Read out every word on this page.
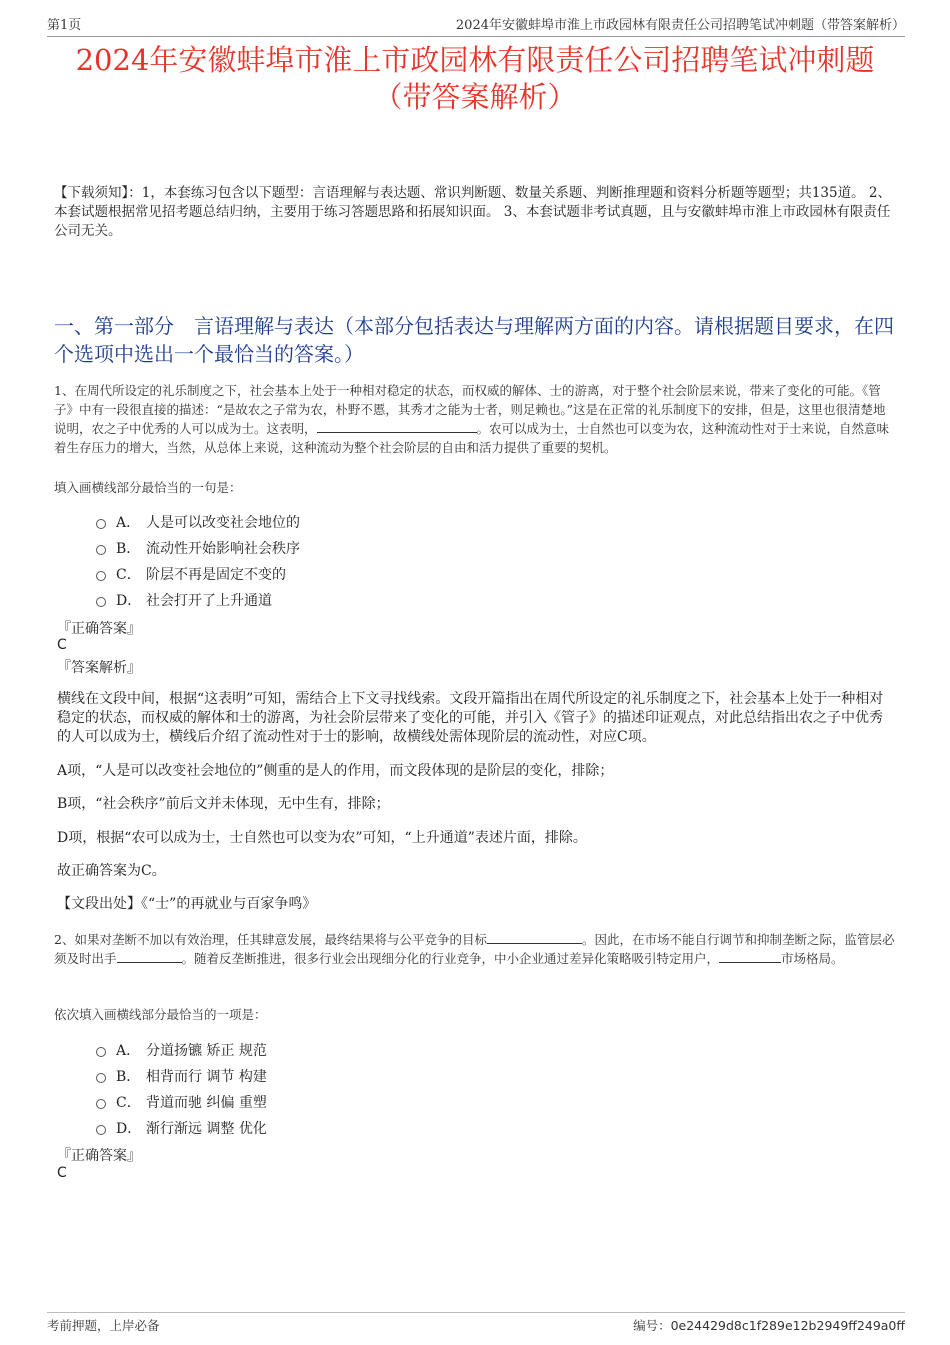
第1页	2024年安徽蚌埠市淮上市政园林有限责任公司招聘笔试冲刺题（带答案解析）
2024年安徽蚌埠市淮上市政园林有限责任公司招聘笔试冲刺题
（带答案解析）
【下载须知】：1，本套练习包含以下题型：言语理解与表达题、常识判断题、数量关系题、判断推理题和资料分析题等题型；共135道。 2、本套试题根据常见招考题总结归纳，主要用于练习答题思路和拓展知识面。 3、本套试题非考试真题，且与安徽蚌埠市淮上市政园林有限责任公司无关。
一、第一部分　言语理解与表达（本部分包括表达与理解两方面的内容。请根据题目要求，在四个选项中选出一个最恰当的答案。）
1、在周代所设定的礼乐制度之下，社会基本上处于一种相对稳定的状态，而权威的解体、士的游离，对于整个社会阶层来说，带来了变化的可能。《管子》中有一段很直接的描述：“是故农之子常为农，朴野不慝，其秀才之能为士者，则足赖也。”这是在正常的礼乐制度下的安排，但是，这里也很清楚地说明，农之子中优秀的人可以成为士。这表明，	。农可以成为士，士自然也可以变为农，这种流动性对于士来说，自然意味着生存压力的增大，当然，从总体上来说，这种流动为整个社会阶层的自由和活力提供了重要的契机。
填入画横线部分最恰当的一句是：
A． 人是可以改变社会地位的
B． 流动性开始影响社会秩序
C． 阶层不再是固定不变的
D． 社会打开了上升通道
『正确答案』
C
『答案解析』
横线在文段中间，根据“这表明”可知，需结合上下文寻找线索。文段开篇指出在周代所设定的礼乐制度之下，社会基本上处于一种相对稳定的状态，而权威的解体和士的游离，为社会阶层带来了变化的可能，并引入《管子》的描述印证观点，对此总结指出农之子中优秀的人可以成为士，横线后介绍了流动性对于士的影响，故横线处需体现阶层的流动性，对应C项。
A项，“人是可以改变社会地位的”侧重的是人的作用，而文段体现的是阶层的变化，排除；
B项，“社会秩序”前后文并未体现，无中生有，排除；
D项，根据“农可以成为士，士自然也可以变为农”可知，“上升通道”表述片面，排除。
故正确答案为C。
【文段出处】《“士”的再就业与百家争鸣》
2、如果对垄断不加以有效治理，任其肆意发展，最终结果将与公平竞争的目标	。因此，在市场不能自行调节和抑制垄断之际，监管层必须及时出手	。随着反垄断推进，很多行业会出现细分化的行业竞争，中小企业通过差异化策略吸引特定用户，	市场格局。
依次填入画横线部分最恰当的一项是：
A． 分道扬镳 矫正 规范
B． 相背而行 调节 构建
C． 背道而驰 纠偏 重塑
D． 渐行渐远 调整 优化
『正确答案』
C
考前押题，上岸必备	编号：0e24429d8c1f289e12b2949ff249a0ff
